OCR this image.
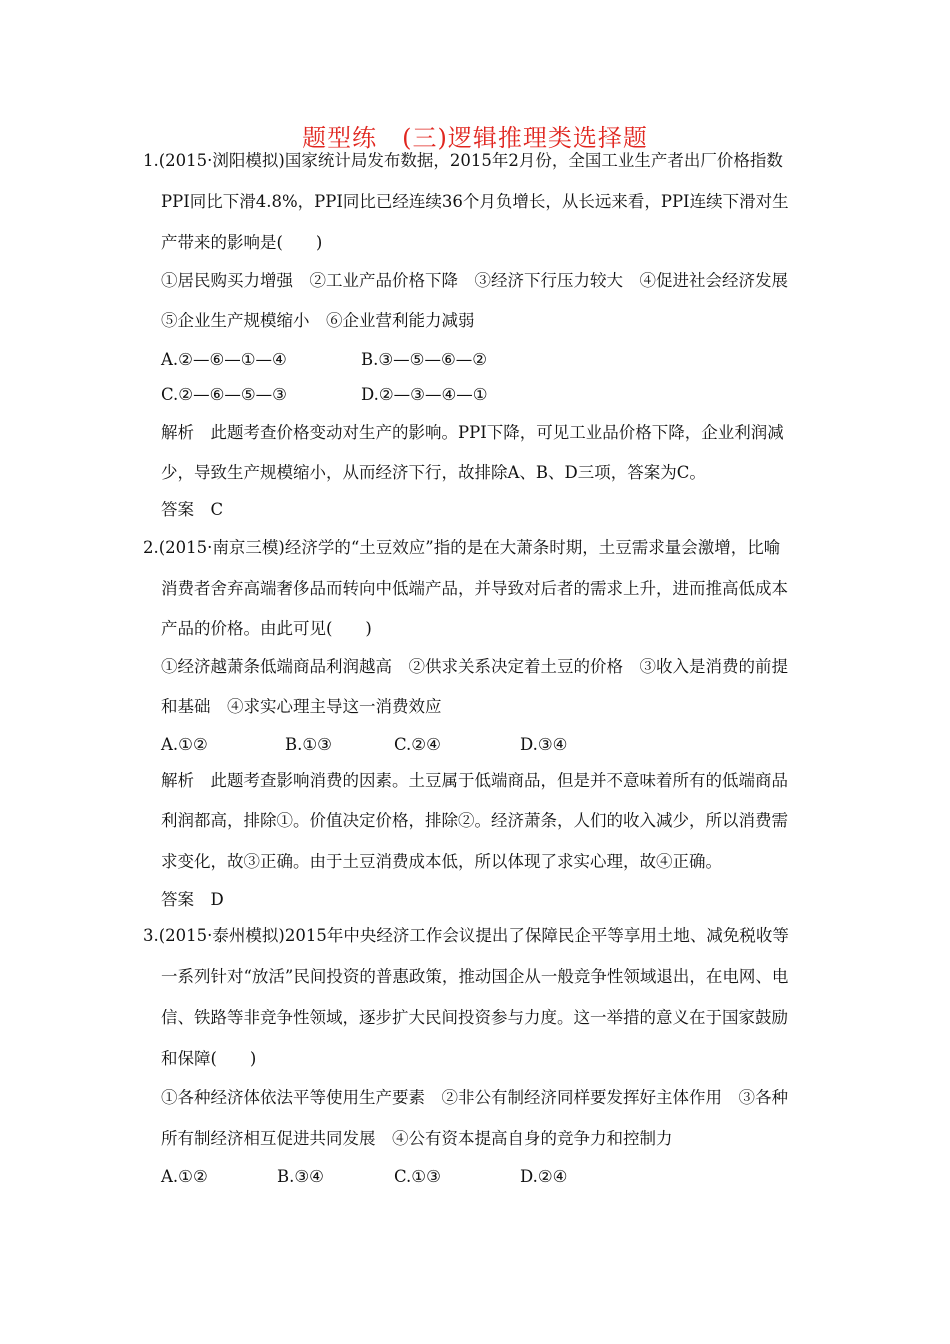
题型练　(三)逻辑推理类选择题
1.(2015·浏阳模拟)国家统计局发布数据，2015年2月份，全国工业生产者出厂价格指数
PPI同比下滑4.8%，PPI同比已经连续36个月负增长，从长远来看，PPI连续下滑对生
产带来的影响是(　　)
①居民购买力增强　②工业产品价格下降　③经济下行压力较大　④促进社会经济发展
⑤企业生产规模缩小　⑥企业营利能力减弱
A.②—⑥—①—④	B.③—⑤—⑥—②
C.②—⑥—⑤—③	D.②—③—④—①
解析　此题考查价格变动对生产的影响。PPI下降，可见工业品价格下降，企业利润减
少，导致生产规模缩小，从而经济下行，故排除A、B、D三项，答案为C。
答案　C
2.(2015·南京三模)经济学的“土豆效应”指的是在大萧条时期，土豆需求量会激增，比喻
消费者舍弃高端奢侈品而转向中低端产品，并导致对后者的需求上升，进而推高低成本
产品的价格。由此可见(　　)
①经济越萧条低端商品利润越高　②供求关系决定着土豆的价格　③收入是消费的前提
和基础　④求实心理主导这一消费效应
A.①②	B.①③	C.②④	D.③④
解析　此题考查影响消费的因素。土豆属于低端商品，但是并不意味着所有的低端商品
利润都高，排除①。价值决定价格，排除②。经济萧条，人们的收入减少，所以消费需
求变化，故③正确。由于土豆消费成本低，所以体现了求实心理，故④正确。
答案　D
3.(2015·泰州模拟)2015年中央经济工作会议提出了保障民企平等享用土地、减免税收等
一系列针对“放活”民间投资的普惠政策，推动国企从一般竞争性领域退出，在电网、电
信、铁路等非竞争性领域，逐步扩大民间投资参与力度。这一举措的意义在于国家鼓励
和保障(　　)
①各种经济体依法平等使用生产要素　②非公有制经济同样要发挥好主体作用　③各种
所有制经济相互促进共同发展　④公有资本提高自身的竞争力和控制力
A.①②	B.③④	C.①③	D.②④
